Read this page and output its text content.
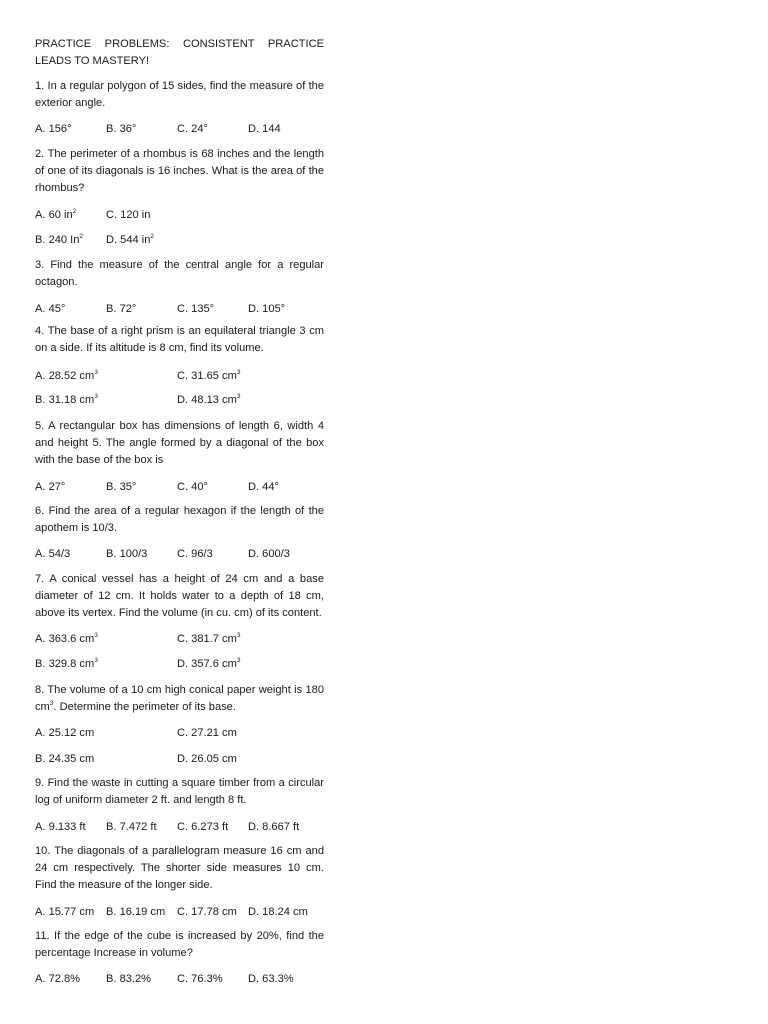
PRACTICE PROBLEMS: CONSISTENT PRACTICE LEADS TO MASTERY!

1. In a regular polygon of 15 sides, find the measure of the exterior angle.

A. 156°	B. 36°	C. 24°	D. 144

2. The perimeter of a rhombus is 68 inches and the length of one of its diagonals is 16 inches. What is the area of the rhombus?

A. 60 $in^2$	C. 120 in
B. 240 In$^2$ D. 544 $in^2$

3. Find the measure of the central angle for a regular octagon.

A. 45°	B. 72°	C. 135°	D. 105°

4. The base of a right prism is an equilateral triangle 3 cm on a side. If its altitude is 8 cm, find its volume.

A. 28.52 $cm^3$	C. 31.65 $cm^3$
B. 31.18 $cm^3$	D. 48.13 $cm^3$

5. A rectangular box has dimensions of length 6, width 4 and height 5. The angle formed by a diagonal of the box with the base of the box is

A. 27°	B. 35°	C. 40°	D. 44°

6. Find the area of a regular hexagon if the length of the apothem is 10/3.

A. 54/3	B. 100/3	C. 96/3	D. 600/3

7. A conical vessel has a height of 24 cm and a base diameter of 12 cm. It holds water to a depth of 18 cm, above its vertex. Find the volume (in cu. cm) of its content.

A. 363.6 $cm^3$	C. 381.7 $cm^3$
B. 329.8 $cm^3$	D. 357.6 $cm^3$

8. The volume of a 10 cm high conical paper weight is 180 $cm^3$. Determine the perimeter of its base.

A. 25.12 cm	C. 27.21 cm
B. 24.35 cm	D. 26.05 cm

9. Find the waste in cutting a square timber from a circular log of uniform diameter 2 ft. and length 8 ft.

A. 9.133 ft B. 7.472 ft C. 6.273 ft D. 8.667 ft

10. The diagonals of a parallelogram measure 16 cm and 24 cm respectively. The shorter side measures 10 cm. Find the measure of the longer side.

A. 15.77 cm B. 16.19 cm C. 17.78 cm D. 18.24 cm

11. If the edge of the cube is increased by 20%, find the percentage Increase in volume?

A. 72.8% B. 83.2% C. 76.3% D. 63.3%
